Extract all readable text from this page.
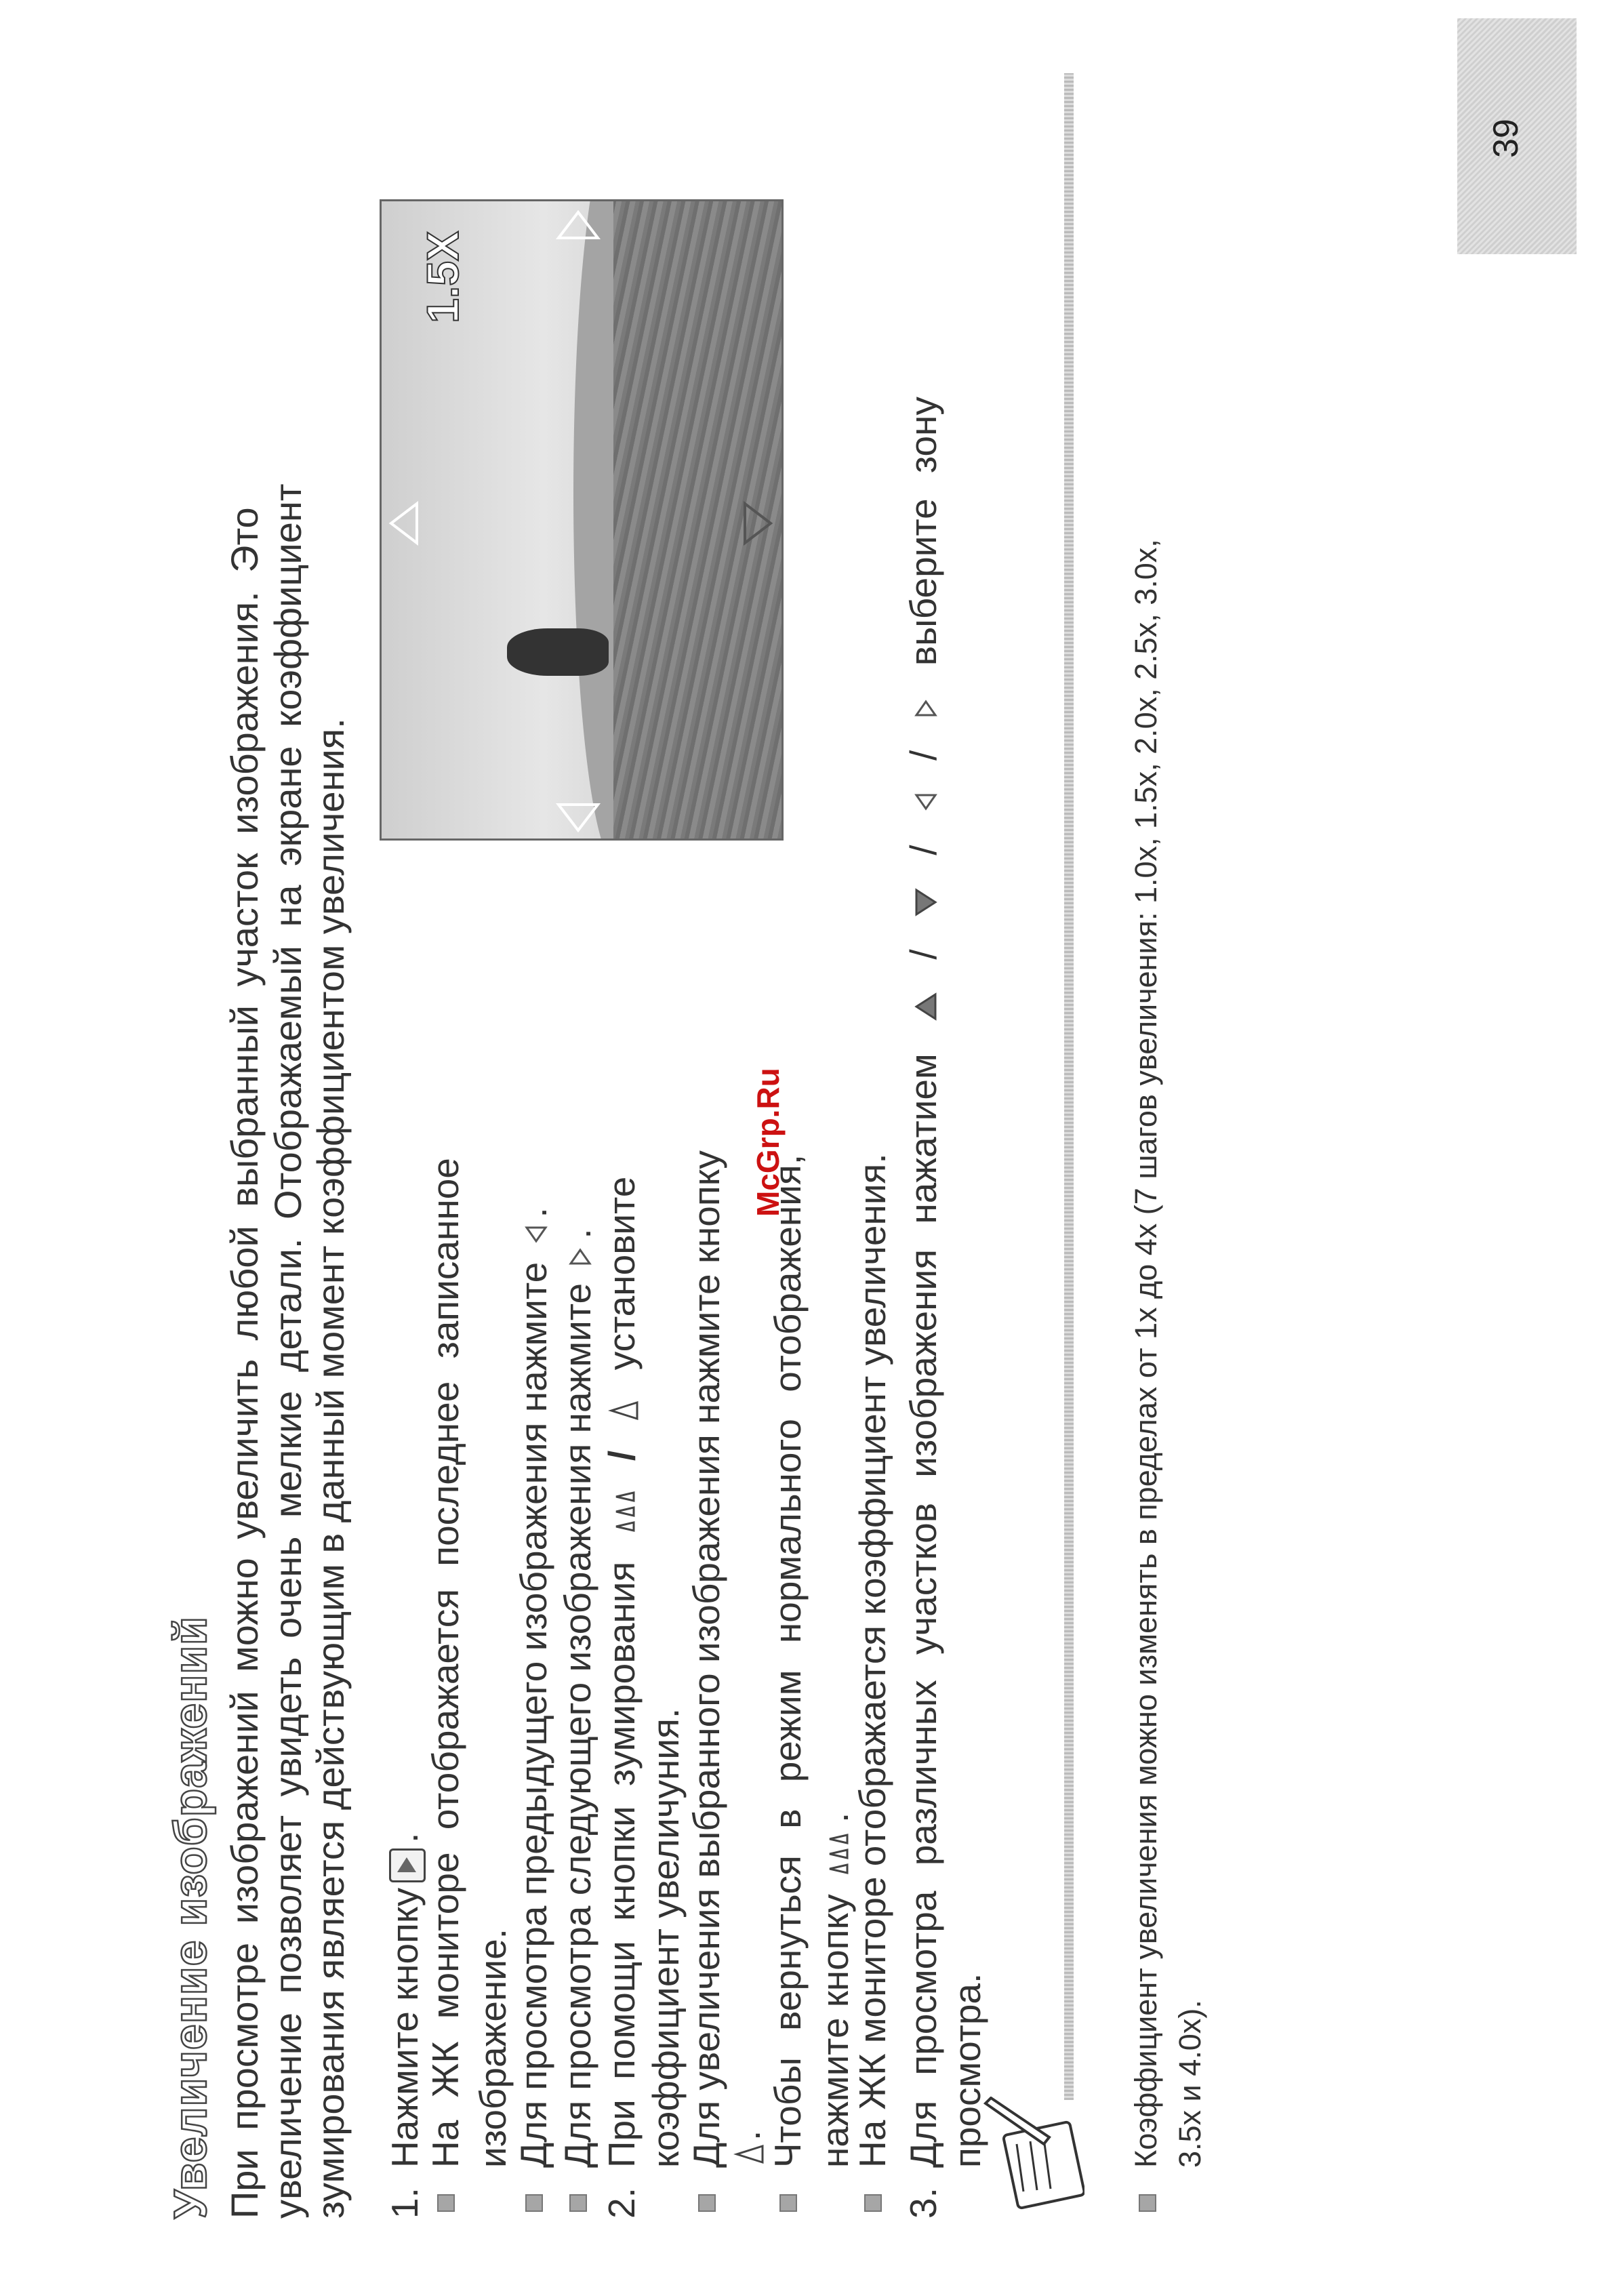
Увеличение изображений При просмотре изображений можно увеличить любой выбранный участок изображения. Это увеличение позволяет увидеть очень мелкие детали. Отображаемый на экране коэффициент зумирования является действующим в данный момент коэффициентом увеличения. 1.
Нажмите кнопку.
На ЖК мониторе отображается последнее записанное изображение.
Для просмотра предыдущего изображения нажмите .
Для просмотра следующего изображения нажмите .
2.
При помощи кнопки зумирования  /  установите
коэффициент увеличуния.
Для увеличения выбранного изображения нажмите кнопку
.
Чтобы вернуться в режим нормального отображения, нажмите кнопку .
На ЖК мониторе отображается коэффициент увеличения.
3.
Для просмотра различных участков изображения нажатием  /  /  /  выберите зону
просмотра.
1.5X
Коэффициент увеличения можно изменять в пределах от 1x до 4x (7 шагов увеличения: 1.0x, 1.5x, 2.0x, 2.5x, 3.0x, 3.5x и 4.0x).
39
McGrp.Ru
